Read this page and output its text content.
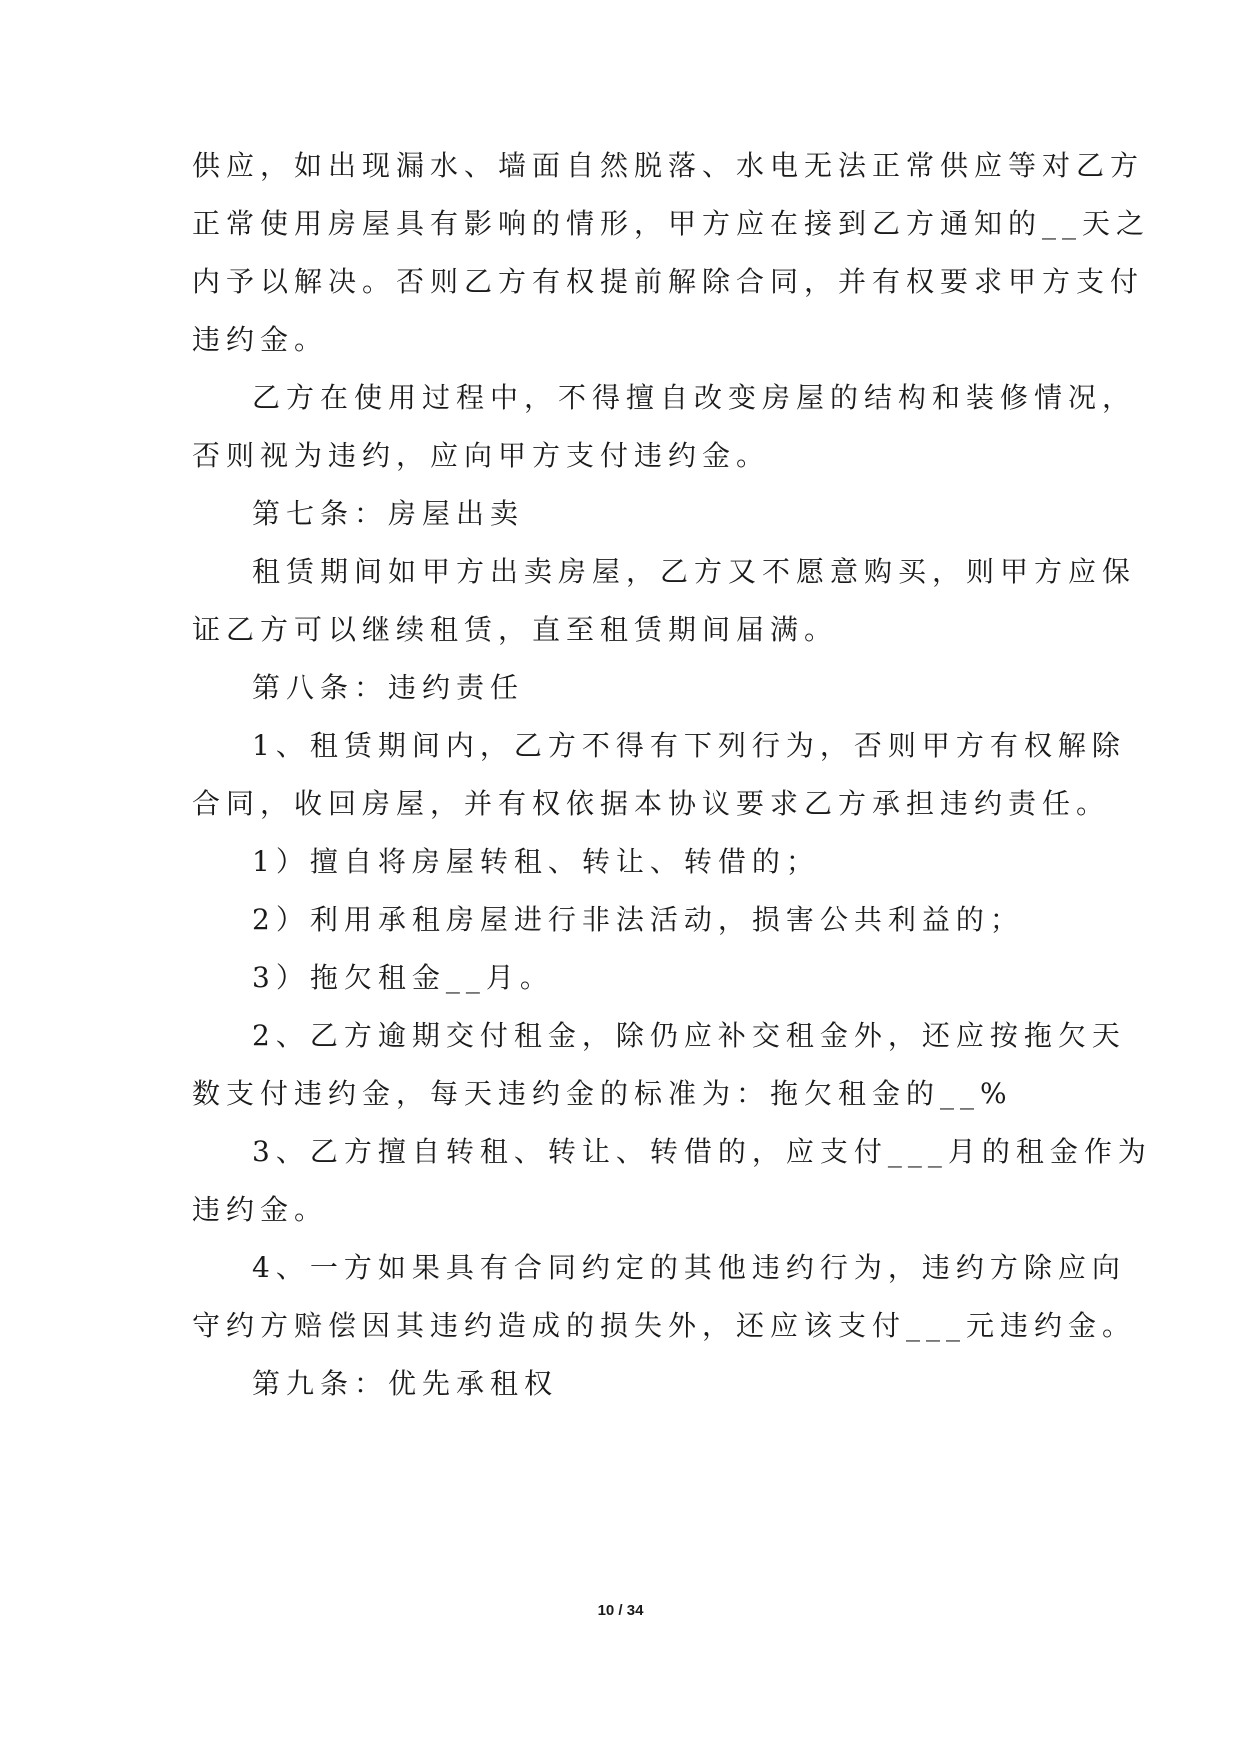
供应，如出现漏水、墙面自然脱落、水电无法正常供应等对乙方
正常使用房屋具有影响的情形，甲方应在接到乙方通知的__天之
内予以解决。否则乙方有权提前解除合同，并有权要求甲方支付
违约金。
乙方在使用过程中，不得擅自改变房屋的结构和装修情况，
否则视为违约，应向甲方支付违约金。
第七条：房屋出卖
租赁期间如甲方出卖房屋，乙方又不愿意购买，则甲方应保
证乙方可以继续租赁，直至租赁期间届满。
第八条：违约责任
1、租赁期间内，乙方不得有下列行为，否则甲方有权解除
合同，收回房屋，并有权依据本协议要求乙方承担违约责任。
1）擅自将房屋转租、转让、转借的；
2）利用承租房屋进行非法活动，损害公共利益的；
3）拖欠租金__月。
2、乙方逾期交付租金，除仍应补交租金外，还应按拖欠天
数支付违约金，每天违约金的标准为：拖欠租金的__%
3、乙方擅自转租、转让、转借的，应支付___月的租金作为
违约金。
4、一方如果具有合同约定的其他违约行为，违约方除应向
守约方赔偿因其违约造成的损失外，还应该支付___元违约金。
第九条：优先承租权
10 / 34
